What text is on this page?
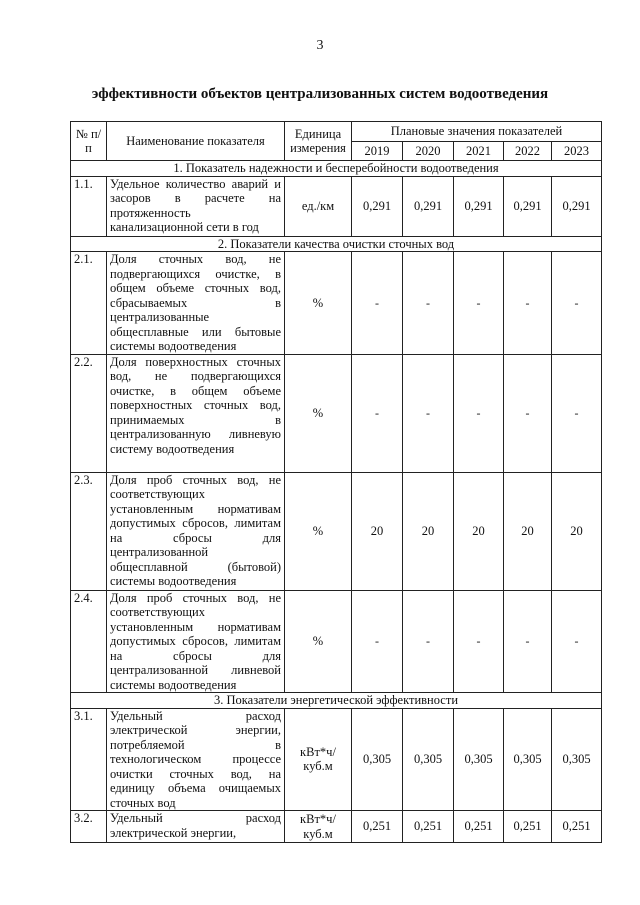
3
эффективности объектов централизованных систем водоотведения
№ п/п	Наименование показателя	Единица измерения	Плановые значения показателей				
			2019	2020	2021	2022	2023
1. Показатель надежности и бесперебойности водоотведения							
1.1.	Удельное количество аварий и засоров в расчете на протяженность канализационной сети в год	ед./км	0,291	0,291	0,291	0,291	0,291
2. Показатели качества очистки сточных вод							
2.1.	Доля сточных вод, не подвергающихся очистке, в общем объеме сточных вод, сбрасываемых в централизованные общесплавные или бытовые системы водоотведения	%	-	-	-	-	-
2.2.	Доля поверхностных сточных вод, не подвергающихся очистке, в общем объеме поверхностных сточных вод, принимаемых в централизованную ливневую систему водоотведения	%	-	-	-	-	-
2.3.	Доля проб сточных вод, не соответствующих установленным нормативам допустимых сбросов, лимитам на сбросы для централизованной общесплавной (бытовой) системы водоотведения	%	20	20	20	20	20
2.4.	Доля проб сточных вод, не соответствующих установленным нормативам допустимых сбросов, лимитам на сбросы для централизованной ливневой системы водоотведения	%	-	-	-	-	-
3. Показатели энергетической эффективности							
3.1.	Удельный расход электрической энергии, потребляемой в технологическом процессе очистки сточных вод, на единицу объема очищаемых сточных вод	кВт*ч/ куб.м	0,305	0,305	0,305	0,305	0,305
3.2.	Удельный расход электрической энергии,	кВт*ч/ куб.м	0,251	0,251	0,251	0,251	0,251
